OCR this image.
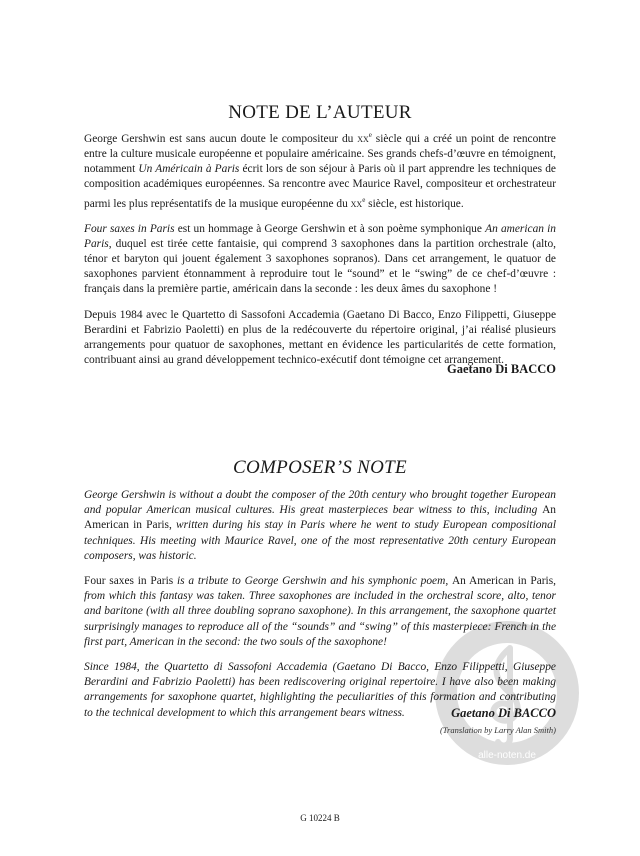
alle-noten.de
NOTE DE L’AUTEUR

George Gershwin est sans aucun doute le compositeur du $xx^e$ siècle qui a créé un point de rencontre entre la culture musicale européenne et populaire américaine. Ses grands chefs-d’œuvre en témoignent, notamment Un Américain à Paris écrit lors de son séjour à Paris où il part apprendre les techniques de composition académiques européennes. Sa rencontre avec Maurice Ravel, compositeur et orchestrateur parmi les plus représentatifs de la musique européenne du $xx^e$ siècle, est historique.

Four saxes in Paris est un hommage à George Gershwin et à son poème symphonique An american in Paris, duquel est tirée cette fantaisie, qui comprend 3 saxophones dans la partition orchestrale (alto, ténor et baryton qui jouent également 3 saxophones sopranos). Dans cet arrangement, le quatuor de saxophones parvient étonnamment à reproduire tout le “sound” et le “swing” de ce chef-d’œuvre : français dans la première partie, américain dans la seconde : les deux âmes du saxophone !

Depuis 1984 avec le Quartetto di Sassofoni Accademia (Gaetano Di Bacco, Enzo Filippetti, Giuseppe Berardini et Fabrizio Paoletti) en plus de la redécouverte du répertoire original, j’ai réalisé plusieurs arrangements pour quatuor de saxophones, mettant en évidence les particularités de cette formation, contribuant ainsi au grand développement technico-exécutif dont témoigne cet arrangement.

Gaetano Di BACCO
COMPOSER’S NOTE

George Gershwin is without a doubt the composer of the 20th century who brought together European and popular American musical cultures. His great masterpieces bear witness to this, including An American in Paris, written during his stay in Paris where he went to study European compositional techniques. His meeting with Maurice Ravel, one of the most representative 20th century European composers, was historic.

Four saxes in Paris is a tribute to George Gershwin and his symphonic poem, An American in Paris, from which this fantasy was taken. Three saxophones are included in the orchestral score, alto, tenor and baritone (with all three doubling soprano saxophone). In this arrangement, the saxophone quartet surprisingly manages to reproduce all of the “sounds” and “swing” of this masterpiece: French in the first part, American in the second: the two souls of the saxophone!

Since 1984, the Quartetto di Sassofoni Accademia (Gaetano Di Bacco, Enzo Filippetti, Giuseppe Berardini and Fabrizio Paoletti) has been rediscovering original repertoire. I have also been making arrangements for saxophone quartet, highlighting the peculiarities of this formation and contributing to the technical development to which this arrangement bears witness.	Gaetano Di BACCO
(Translation by Larry Alan Smith)
G 10224 B
